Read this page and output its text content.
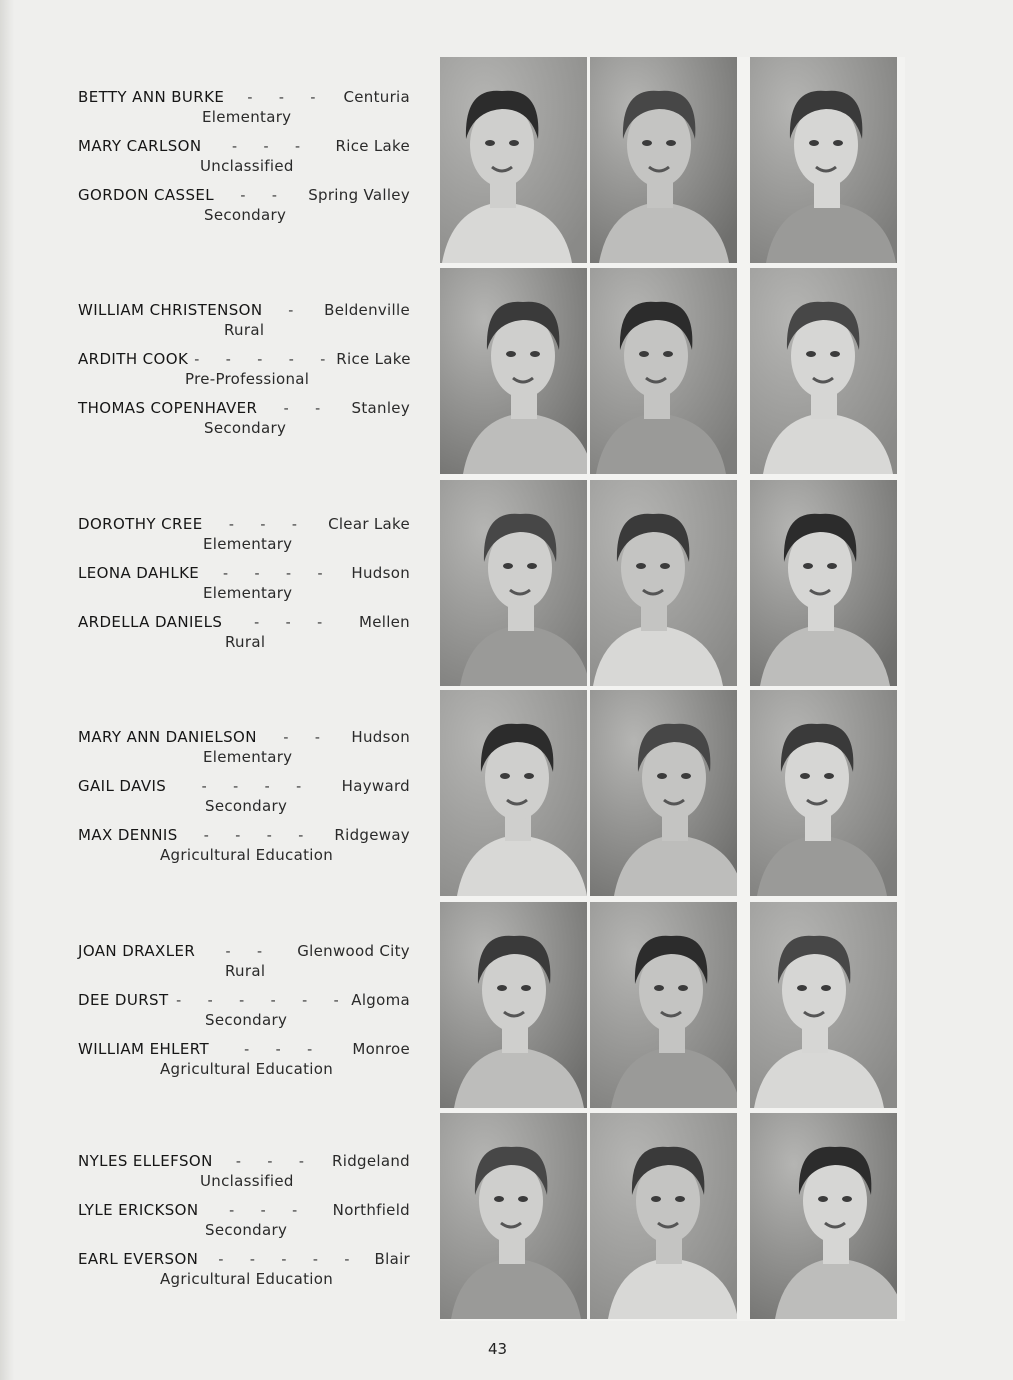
BETTY ANN BURKE	- - -	Centuria
Elementary
MARY CARLSON	- - -	Rice Lake
Unclassified
GORDON CASSEL	- -	Spring Valley
Secondary
WILLIAM CHRISTENSON	-	Beldenville
Rural
ARDITH COOK - - - - - Rice Lake
Pre-Professional
THOMAS COPENHAVER	- -	Stanley
Secondary
DOROTHY CREE	- - -	Clear Lake
Elementary
LEONA DAHLKE	- - - -	Hudson
Elementary
ARDELLA DANIELS	- - -	Mellen
Rural
MARY ANN DANIELSON	- -	Hudson
Elementary
GAIL DAVIS	- - - -	Hayward
Secondary
MAX DENNIS	- - - -	Ridgeway
Agricultural Education
JOAN DRAXLER	- -	Glenwood City
Rural
DEE DURST - - - - - - Algoma
Secondary
WILLIAM EHLERT	- - -	Monroe
Agricultural Education
NYLES ELLEFSON	- - -	Ridgeland
Unclassified
LYLE ERICKSON	- - -	Northfield
Secondary
EARL EVERSON	- - - - - Blair
Agricultural Education
43
